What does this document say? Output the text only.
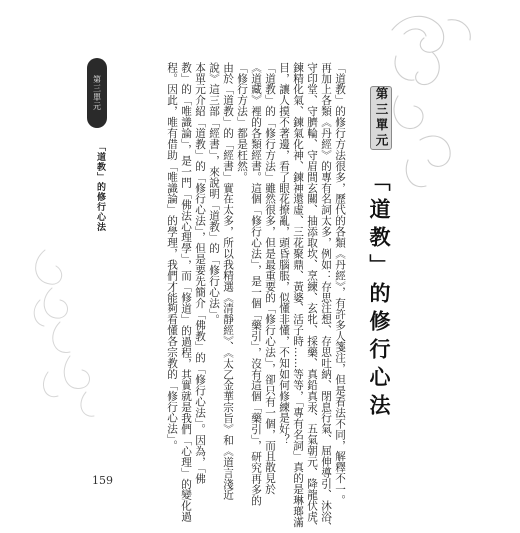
159
第三單元
「道教」的修行心法
「道教」的修行方法很多，歷代的各類《丹經》，有許多人箋注，但是看法不同，解釋不一。
再加上各類《丹經》的專有名詞太多，例如：存思注想、存思吐納、閉息行氣、屈伸導引、沐浴、
守印堂、守臍輪、守眉間玄關、抽添取坎、烹練、玄牝、採藥、真鉛真汞、五氣朝元、降龍伏虎、
鍊精化氣、鍊氣化神、鍊神還虛、三花聚鼎、黃婆、活子時……等等，「專有名詞」真的是琳瑯滿
目，讓人摸不著邊，看了眼花撩亂，頭昏腦脹，似懂非懂，不知如何修練是好？
「道教」的「修行方法」雖然很多，但是最重要的「修行心法」，卻只有一個，而且散見於
《道藏》裡的各類經書。這個「修行心法」，是一個「藥引」，沒有這個「藥引」，研究再多的
「修行方法」都是枉然。
由於「道教」的「經書」實在太多，所以我精選《清靜經》、《太乙金華宗旨》和《道言淺近
說》這三部「經書」，來說明「道教」的「修行心法」。
本單元介紹「道教」的「修行心法」，但是要先簡介「佛教」的「修行心法」。因為，「佛
教」的「唯識論」，是一門「佛法心理學」，而「修道」的過程，其實就是我們「心理」的變化過
程。因此，唯有借助「唯識論」的學理，我們才能夠看懂各宗教的「修行心法」。
第三單元
「道教」的修行心法
